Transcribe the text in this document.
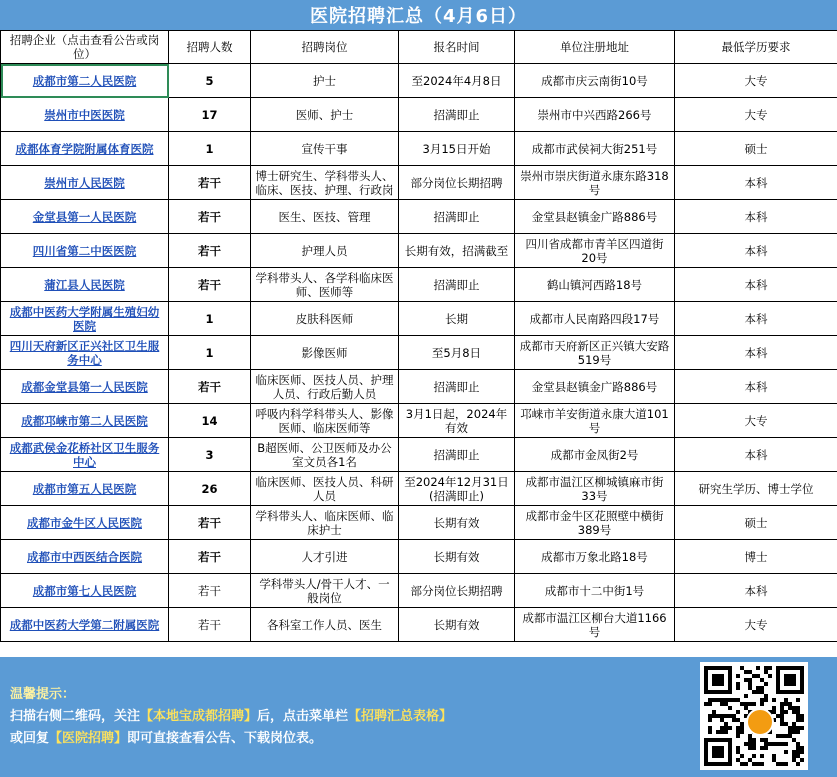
医院招聘汇总（4月6日）
招聘企业（点击查看公告或岗位）	招聘人数	招聘岗位	报名时间	单位注册地址	最低学历要求
成都市第二人民医院	5	护士	至2024年4月8日	成都市庆云南街10号	大专
崇州市中医医院	17	医师、护士	招满即止	崇州市中兴西路266号	大专
成都体育学院附属体育医院	1	宣传干事	3月15日开始	成都市武侯祠大街251号	硕士
崇州市人民医院	若干	博士研究生、学科带头人、临床、医技、护理、行政岗	部分岗位长期招聘	崇州市崇庆街道永康东路318号	本科
金堂县第一人民医院	若干	医生、医技、管理	招满即止	金堂县赵镇金广路886号	本科
四川省第二中医医院	若干	护理人员	长期有效，招满截至	四川省成都市青羊区四道街20号	本科
蒲江县人民医院	若干	学科带头人、各学科临床医师、医师等	招满即止	鹤山镇河西路18号	本科
成都中医药大学附属生殖妇幼医院	1	皮肤科医师	长期	成都市人民南路四段17号	本科
四川天府新区正兴社区卫生服务中心	1	影像医师	至5月8日	成都市天府新区正兴镇大安路519号	本科
成都金堂县第一人民医院	若干	临床医师、医技人员、护理人员、行政后勤人员	招满即止	金堂县赵镇金广路886号	本科
成都邛崃市第二人民医院	14	呼吸内科学科带头人、影像医师、临床医师等	3月1日起，2024年有效	邛崃市羊安街道永康大道101号	大专
成都武侯金花桥社区卫生服务中心	3	B超医师、公卫医师及办公室文员各1名	招满即止	成都市金凤街2号	本科
成都市第五人民医院	26	临床医师、医技人员、科研人员	至2024年12月31日(招满即止)	成都市温江区柳城镇麻市街33号	研究生学历、博士学位
成都市金牛区人民医院	若干	学科带头人、临床医师、临床护士	长期有效	成都市金牛区花照壁中横街389号	硕士
成都市中西医结合医院	若干	人才引进	长期有效	成都市万象北路18号	博士
成都市第七人民医院	若干	学科带头人/骨干人才、一般岗位	部分岗位长期招聘	成都市十二中街1号	本科
成都中医药大学第二附属医院	若干	各科室工作人员、医生	长期有效	成都市温江区柳台大道1166号	大专
温馨提示：
扫描右侧二维码，关注【本地宝成都招聘】后，点击菜单栏【招聘汇总表格】
或回复【医院招聘】即可直接查看公告、下载岗位表。
